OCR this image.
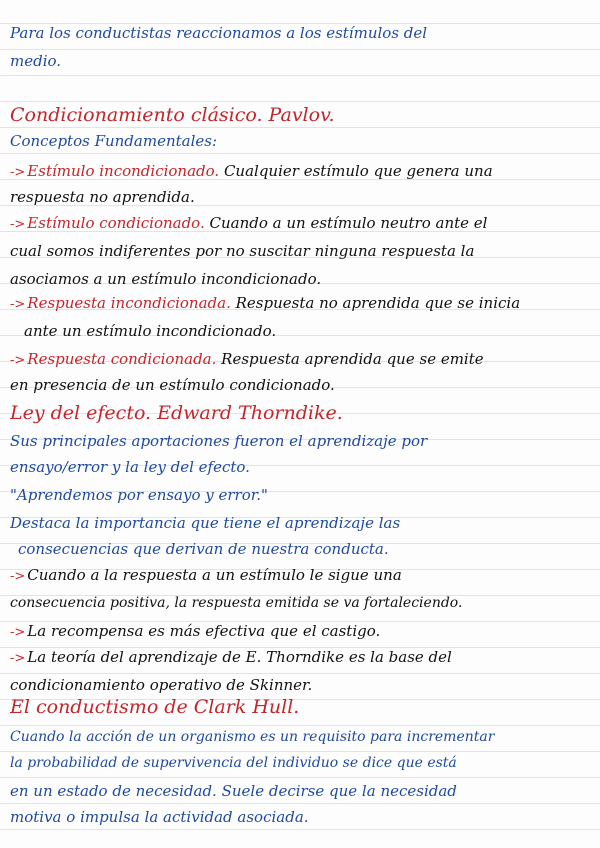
Para los conductistas reaccionamos a los estímulos del
medio.
Condicionamiento clásico. Pavlov.
Conceptos Fundamentales:
-> Estímulo incondicionado. Cualquier estímulo que genera una
respuesta no aprendida.
-> Estímulo condicionado. Cuando a un estímulo neutro ante el
cual somos indiferentes por no suscitar ninguna respuesta la
asociamos a un estímulo incondicionado.
-> Respuesta incondicionada. Respuesta no aprendida que se inicia
ante un estímulo incondicionado.
-> Respuesta condicionada. Respuesta aprendida que se emite
en presencia de un estímulo condicionado.
Ley del efecto. Edward Thorndike.
Sus principales aportaciones fueron el aprendizaje por
ensayo/error y la ley del efecto.
"Aprendemos por ensayo y error."
Destaca la importancia que tiene el aprendizaje las
consecuencias que derivan de nuestra conducta.
-> Cuando a la respuesta a un estímulo le sigue una
consecuencia positiva, la respuesta emitida se va fortaleciendo.
-> La recompensa es más efectiva que el castigo.
-> La teoría del aprendizaje de E. Thorndike es la base del
condicionamiento operativo de Skinner.
El conductismo de Clark Hull.
Cuando la acción de un organismo es un requisito para incrementar
la probabilidad de supervivencia del individuo se dice que está
en un estado de necesidad. Suele decirse que la necesidad
motiva o impulsa la actividad asociada.
